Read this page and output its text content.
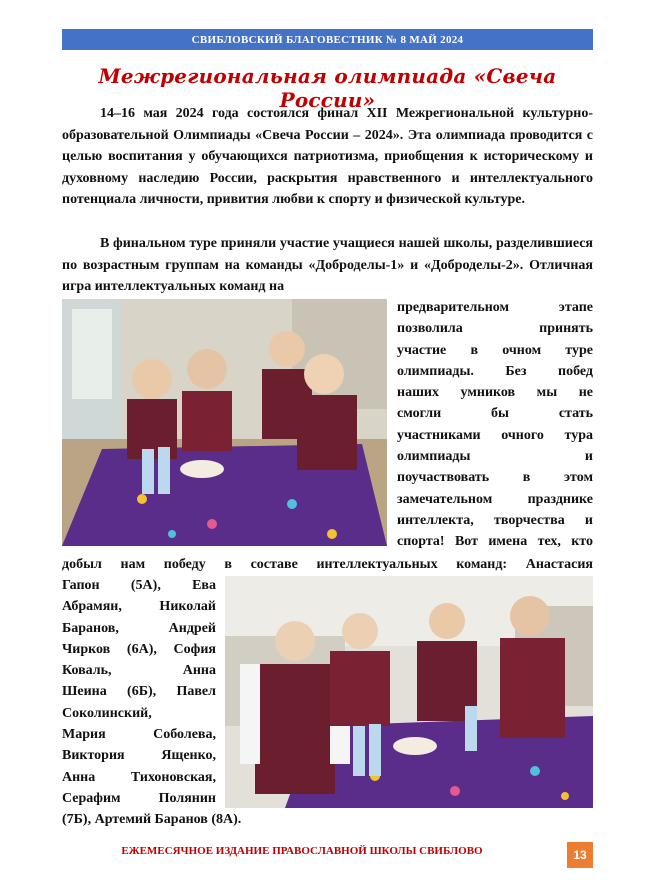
СВИБЛОВСКИЙ БЛАГОВЕСТНИК № 8 МАЙ 2024
Межрегиональная олимпиада «Свеча России»

14–16 мая 2024 года состоялся финал XII Межрегиональной культурно-образовательной Олимпиады «Свеча России – 2024». Эта олимпиада проводится с целью воспитания у обучающихся патриотизма, приобщения к историческому и духовному наследию России, раскрытия нравственного и интеллектуального потенциала личности, привития любви к спорту и физической культуре.

В финальном туре приняли участие учащиеся нашей школы, разделившиеся по возрастным группам на команды «Добpоделы-1» и «Добpоделы-2». Отличная игра интеллектуальных команд на

предварительном этапе
позволила принять
участие в очном туре
олимпиады. Без побед
наших умников мы не
смогли бы стать
участниками очного тура
олимпиады и
поучаствовать в этом
замечательном празднике
интеллекта, творчества и
спорта! Вот имена тех, кто
добыл нам победу в составе интеллектуальных команд: Анастасия
Гапон (5А), Ева
Абрамян, Николай
Баранов, Андрей
Чирков (6А), София
Коваль, Анна
Шеина (6Б), Павел
Соколинский,
Мария Соболева,
Виктория Ященко,
Анна Тихоновская,
Серафим Полянин
(7Б), Артемий Баранов (8А).
ЕЖЕМЕСЯЧНОЕ ИЗДАНИЕ ПРАВОСЛАВНОЙ ШКОЛЫ СВИБЛОВО	13
